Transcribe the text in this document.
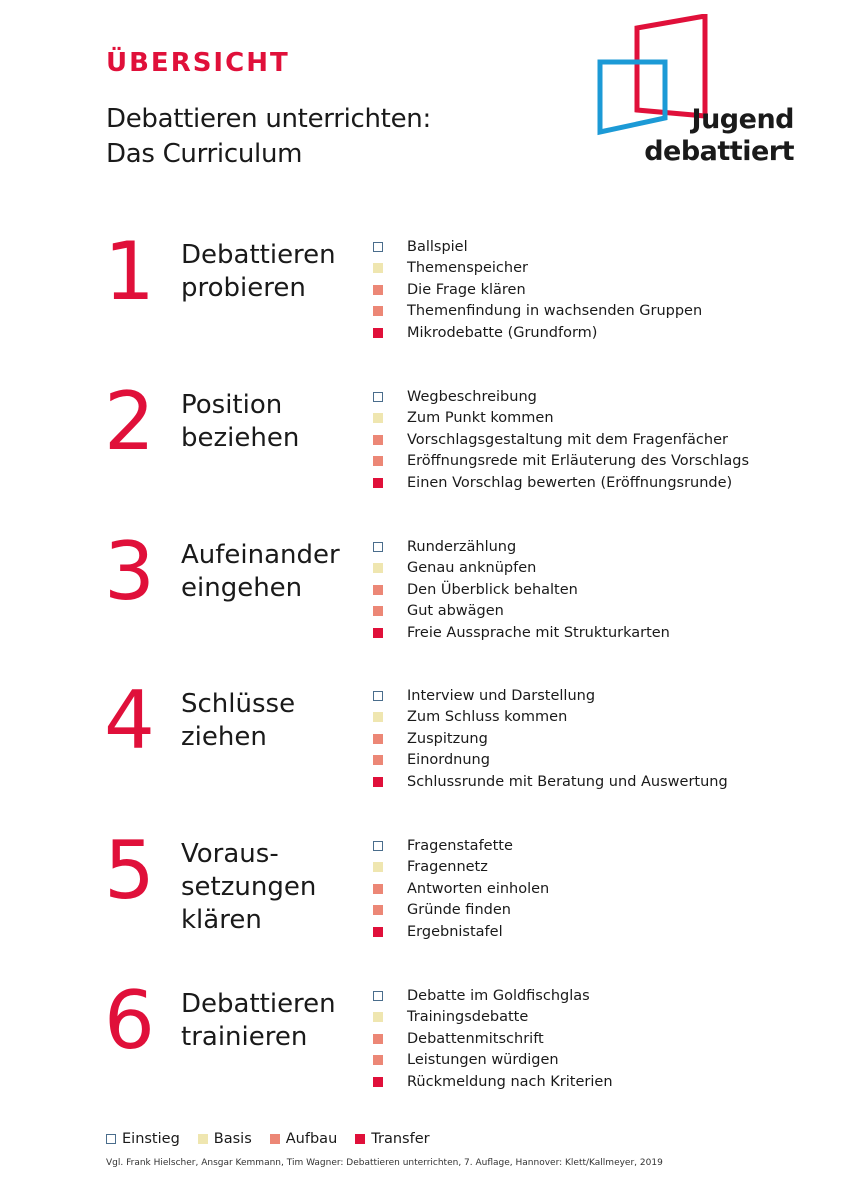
ÜBERSICHT
Debattieren unterrichten:
Das Curriculum
Jugend
debattiert
1 Debattieren
probieren
Ballspiel
Themenspeicher
Die Frage klären
Themenfindung in wachsenden Gruppen
Mikrodebatte (Grundform)
2 Position
beziehen
Wegbeschreibung
Zum Punkt kommen
Vorschlagsgestaltung mit dem Fragenfächer
Eröffnungsrede mit Erläuterung des Vorschlags
Einen Vorschlag bewerten (Eröffnungsrunde)
3 Aufeinander
eingehen
Runderzählung
Genau anknüpfen
Den Überblick behalten
Gut abwägen
Freie Aussprache mit Strukturkarten
4 Schlüsse
ziehen
Interview und Darstellung
Zum Schluss kommen
Zuspitzung
Einordnung
Schlussrunde mit Beratung und Auswertung
5 Voraus-
setzungen
klären
Fragenstafette
Fragennetz
Antworten einholen
Gründe finden
Ergebnistafel
6 Debattieren
trainieren
Debatte im Goldfischglas
Trainingsdebatte
Debattenmitschrift
Leistungen würdigen
Rückmeldung nach Kriterien
Einstieg Basis Aufbau Transfer
Vgl. Frank Hielscher, Ansgar Kemmann, Tim Wagner: Debattieren unterrichten, 7. Auflage, Hannover: Klett/Kallmeyer, 2019
